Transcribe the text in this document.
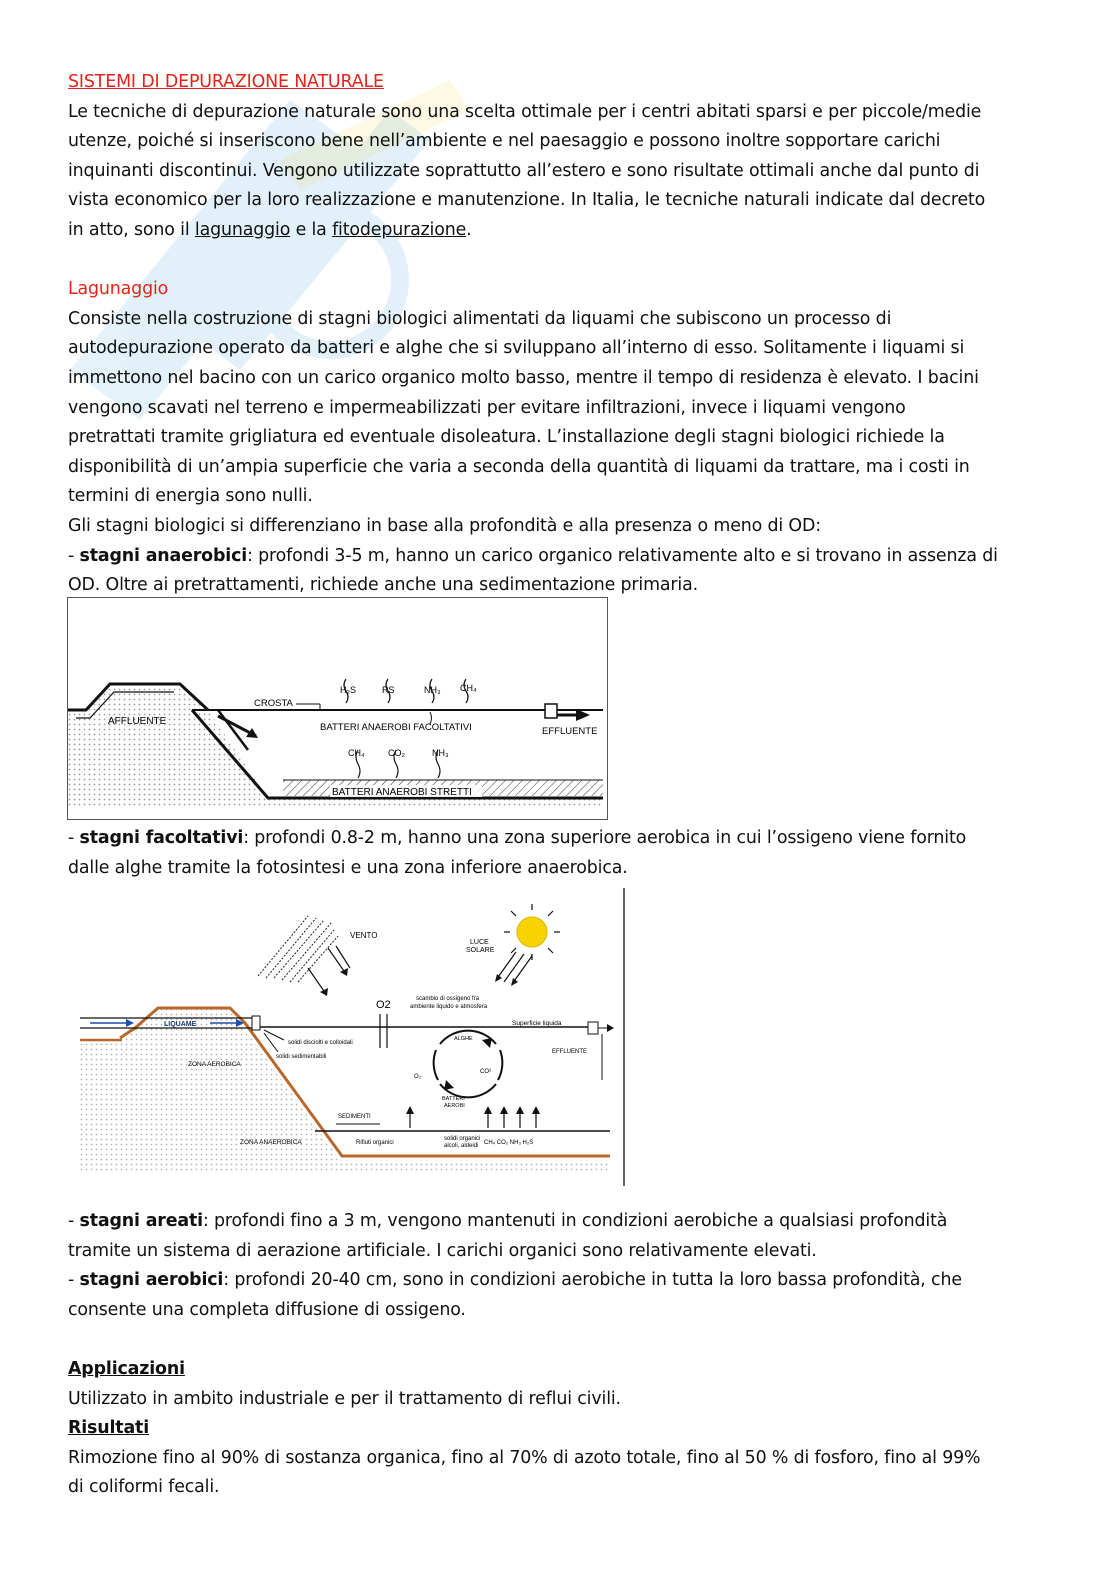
SISTEMI DI DEPURAZIONE NATURALE

Le tecniche di depurazione naturale sono una scelta ottimale per i centri abitati sparsi e per piccole/medie

utenze, poiché si inseriscono bene nell’ambiente e nel paesaggio e possono inoltre sopportare carichi

inquinanti discontinui. Vengono utilizzate soprattutto all’estero e sono risultate ottimali anche dal punto di

vista economico per la loro realizzazione e manutenzione. In Italia, le tecniche naturali indicate dal decreto

in atto, sono il lagunaggio e la fitodepurazione.

Lagunaggio

Consiste nella costruzione di stagni biologici alimentati da liquami che subiscono un processo di

autodepurazione operato da batteri e alghe che si sviluppano all’interno di esso. Solitamente i liquami si

immettono nel bacino con un carico organico molto basso, mentre il tempo di residenza è elevato. I bacini

vengono scavati nel terreno e impermeabilizzati per evitare infiltrazioni, invece i liquami vengono

pretrattati tramite grigliatura ed eventuale disoleatura. L’installazione degli stagni biologici richiede la

disponibilità di un’ampia superficie che varia a seconda della quantità di liquami da trattare, ma i costi in

termini di energia sono nulli.

Gli stagni biologici si differenziano in base alla profondità e alla presenza o meno di OD:

- stagni anaerobici: profondi 3-5 m, hanno un carico organico relativamente alto e si trovano in assenza di

OD. Oltre ai pretrattamenti, richiede anche una sedimentazione primaria.

H₂S	RS	NH₃ CH₄
CROSTA
AFFLUENTE
BATTERI ANAEROBI FACOLTATIVI	EFFLUENTE
CH₄	CO₂	NH₃
BATTERI ANAEROBI STRETTI

- stagni facoltativi: profondi 0.8-2 m, hanno una zona superiore aerobica in cui l’ossigeno viene fornito

dalle alghe tramite la fotosintesi e una zona inferiore anaerobica.

VENTO
LUCE
SOLARE
O2	scambio di ossigeno fra
ambiente liquido e atmosfera
LIQUAME	Superficie liquida
solidi disciolti e colloidali
solidi sedimentabili
ZONA AEROBICA
ALGHE
O₂
CO²
BATTERI
AEROBI
EFFLUENTE
SEDIMENTI
ZONA ANAEROBICA	Rifiuti organici
solidi organici
alcoli, aldeidi CH₄ CO₂ NH₃ H₂S

- stagni areati: profondi fino a 3 m, vengono mantenuti in condizioni aerobiche a qualsiasi profondità

tramite un sistema di aerazione artificiale. I carichi organici sono relativamente elevati.

- stagni aerobici: profondi 20-40 cm, sono in condizioni aerobiche in tutta la loro bassa profondità, che

consente una completa diffusione di ossigeno.

Applicazioni

Utilizzato in ambito industriale e per il trattamento di reflui civili.

Risultati

Rimozione fino al 90% di sostanza organica, fino al 70% di azoto totale, fino al 50 % di fosforo, fino al 99%

di coliformi fecali.
